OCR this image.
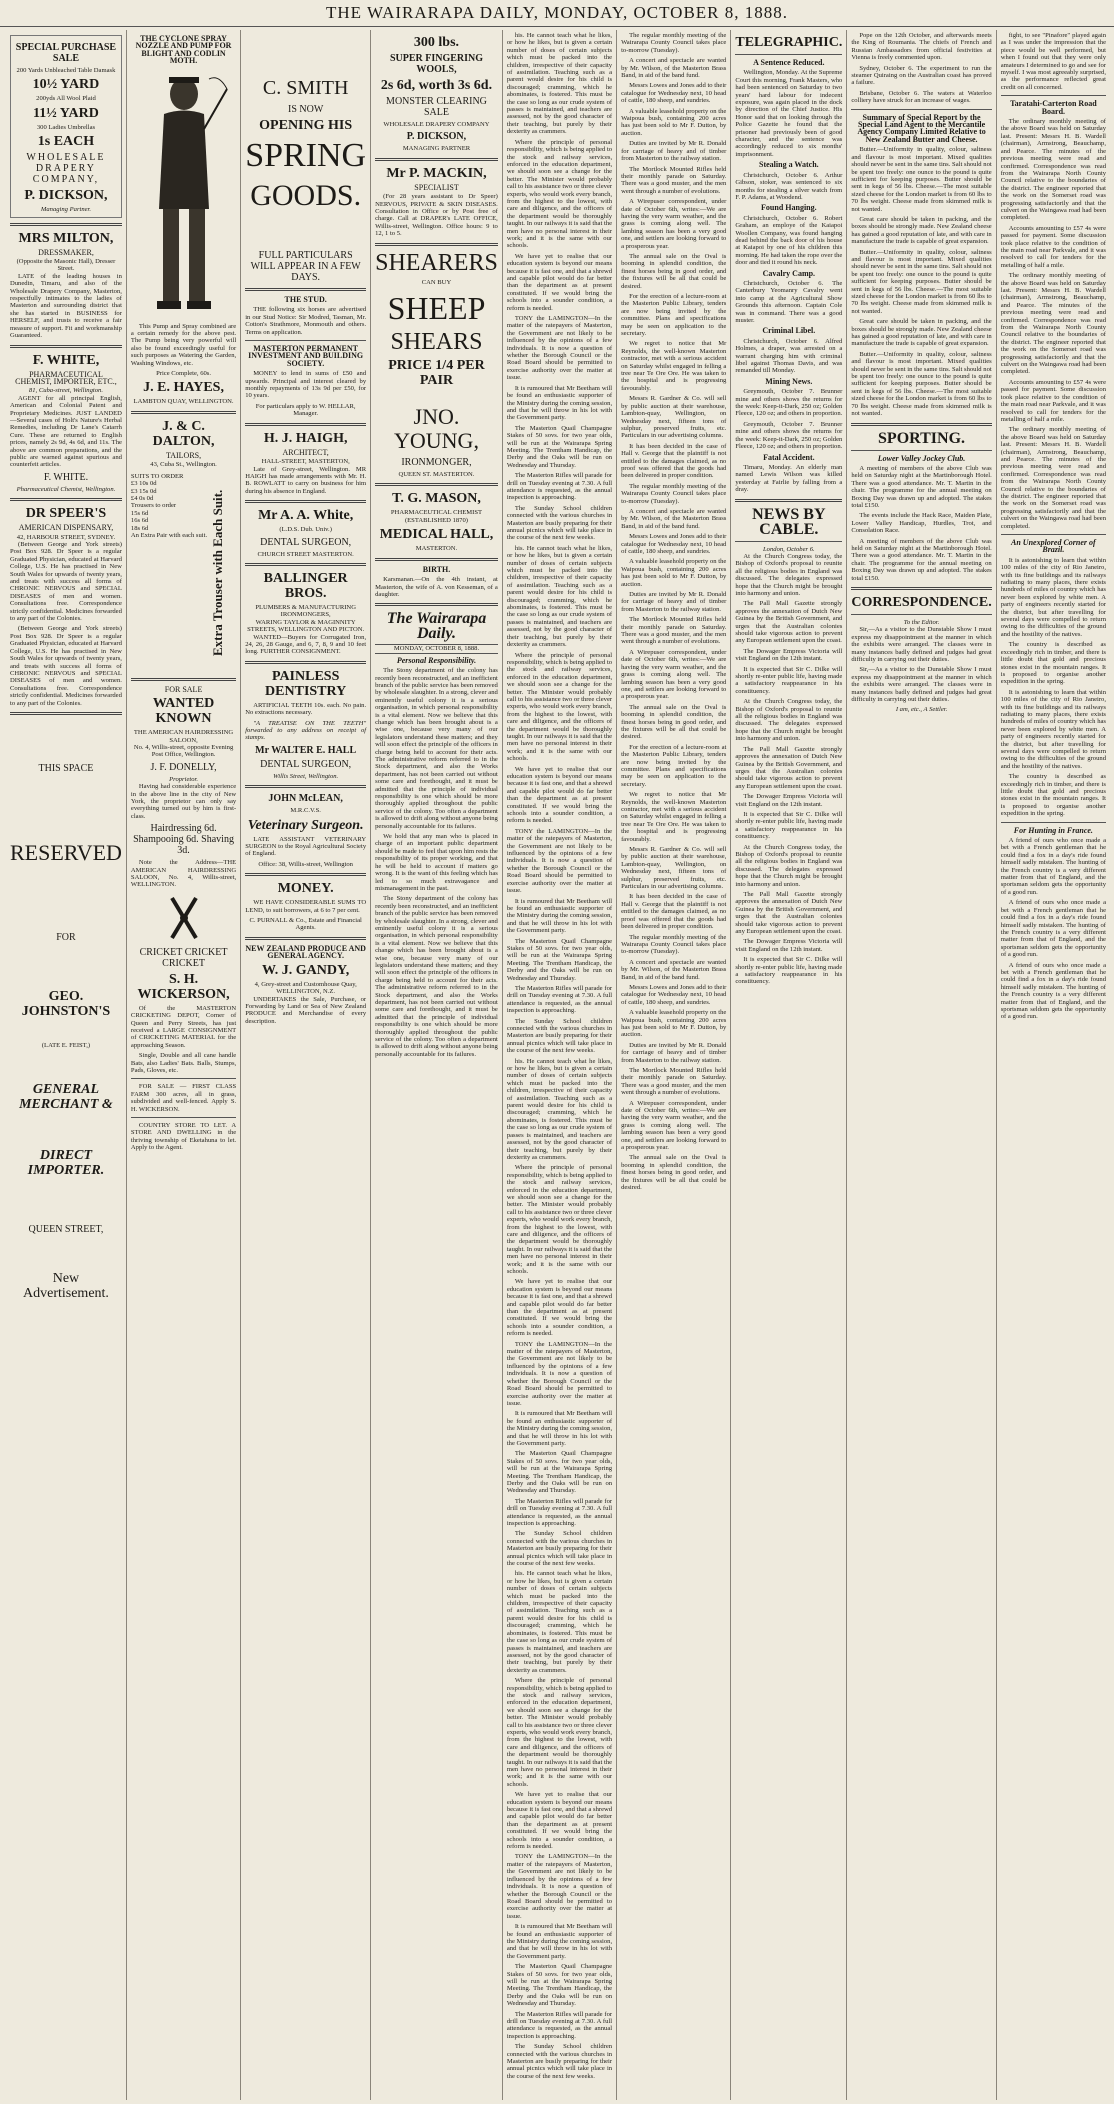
THE WAIRARAPA DAILY, MONDAY, OCTOBER 8, 1888.
SPECIAL PURCHASE SALE
200 Yards Unbleached Table Damask
10½ YARD
200yds All Wool Plaid
11½ YARD
300 Ladies Umbrellas
1s EACH
WHOLESALE DRAPERY COMPANY,
P. DICKSON,
Managing Partner.
MRS MILTON,
DRESSMAKER,
(Opposite the Masonic Hall), Dresser Street.

LATE of the leading houses in Dunedin, Timaru, and also of the Wholesale Drapery Company, Masterton, respectfully intimates to the ladies of Masterton and surrounding district that she has started in BUSINESS for HERSELF, and trusts to receive a fair measure of support. Fit and workmanship Guaranteed.

F. WHITE,
PHARMACEUTICAL CHEMIST, IMPORTER, ETC.,
81, Cuba-street, Wellington.

AGENT for all principal English, American and Colonial Patent and Proprietary Medicines. JUST LANDED—Several cases of Holt's Nature's Herbal Remedies, including Dr Lane's Catarrh Cure. These are returned to English prices, namely 2s 9d, 4s 6d, and 11s. The above are common preparations, and the public are warned against spurious and counterfeit articles.

F. WHITE.
Pharmaceutical Chemist, Wellington.
DR SPEER'S
AMERICAN DISPENSARY,
42, HARBOUR STREET, SYDNEY.

(Between George and York streets) Post Box 928. Dr Speer is a regular Graduated Physician, educated at Harvard College, U.S. He has practised in New South Wales for upwards of twenty years, and treats with success all forms of CHRONIC NERVOUS and SPECIAL DISEASES of men and women. Consultations free. Correspondence strictly confidential. Medicines forwarded to any part of the Colonies.

(Between George and York streets) Post Box 928. Dr Speer is a regular Graduated Physician, educated at Harvard College, U.S. He has practised in New South Wales for upwards of twenty years, and treats with success all forms of CHRONIC NERVOUS and SPECIAL DISEASES of men and women. Consultations free. Correspondence strictly confidential. Medicines forwarded to any part of the Colonies.

THIS SPACE
RESERVED
FOR
GEO. JOHNSTON'S
(LATE E. FEIST,)
GENERAL MERCHANT &
DIRECT IMPORTER.
QUEEN STREET,
New Advertisement.
THE CYCLONE SPRAY NOZZLE AND PUMP FOR BLIGHT AND CODLIN MOTH.

This Pump and Spray combined are a certain remedy for the above pest. The Pump being very powerful will also be found exceedingly useful for such purposes as Watering the Garden, Washing Windows, etc.

Price Complete, 60s.
J. E. HAYES,
LAMBTON QUAY, WELLINGTON.
J. & C. DALTON,
TAILORS,
43, Cuba St., Wellington.
SUITS TO ORDER
£3 10s 0d
£3 15s 0d
£4 0s 0d
Trousers to order
15s 6d
16s 6d
18s 6d
An Extra Pair with each suit. Extra Trouser with Each Suit.
FOR SALE
WANTED KNOWN
THE AMERICAN HAIRDRESSING SALOON,
No. 4, Willis-street, opposite Evening Post Office, Wellington.
J. F. DONELLY,
Proprietor.

Having had considerable experience in the above line in the city of New York, the proprietor can only say everything turned out by him is first-class.

Hairdressing 6d. Shampooing 6d. Shaving 3d.

Note the Address—THE AMERICAN HAIRDRESSING SALOON, No. 4, Willis-street, WELLINGTON.

CRICKET CRICKET CRICKET
S. H. WICKERSON,

Of the MASTERTON CRICKETING DEPOT, Corner of Queen and Perry Streets, has just received a LARGE CONSIGNMENT of CRICKETING MATERIAL for the approaching Season.

Single, Double and all cane handle Bats, also Ladies' Bats. Balls, Stumps, Pads, Gloves, etc.

FOR SALE — FIRST CLASS FARM 300 acres, all in grass, subdivided and well-fenced. Apply S. H. WICKERSON.

COUNTRY STORE TO LET. A STORE AND DWELLING in the thriving township of Eketahuna to let. Apply to the Agent.

C. SMITH
IS NOW
OPENING HIS
SPRING
GOODS.
FULL PARTICULARS WILL APPEAR IN A FEW DAYS.
THE STUD.

THE following six horses are advertised in our Stud Notice: Sir Modred, Tasman, Mr. Cotton's Strathmore, Monmouth and others. Terms on application.

MASTERTON PERMANENT INVESTMENT AND BUILDING SOCIETY.

MONEY to lend in sums of £50 and upwards. Principal and interest cleared by monthly repayments of 13s 9d per £50, for 10 years.

For particulars apply to W. HELLAR, Manager.
H. J. HAIGH,
ARCHITECT,
HALL-STREET, MASTERTON,

Late of Grey-street, Wellington. MR HAIGH has made arrangements with Mr. H. B. ROWLATT to carry on business for him during his absence in England.

Mr A. A. White,
(L.D.S. Dub. Univ.)
DENTAL SURGEON,
CHURCH STREET MASTERTON.
BALLINGER BROS.
PLUMBERS & MANUFACTURING IRONMONGERS,
WARING TAYLOR & MAGINNITY STREETS, WELLINGTON AND PICTON.

WANTED—Buyers for Corrugated Iron, 24, 26, 28 Gauge, and 6, 7, 8, 9 and 10 feet long. FURTHER CONSIGNMENT.

PAINLESS DENTISTRY

ARTIFICIAL TEETH 10s. each. No pain. No extractions necessary.

"A TREATISE ON THE TEETH" forwarded to any address on receipt of stamps.

Mr WALTER E. HALL
DENTAL SURGEON,
Willis Street, Wellington.
JOHN McLEAN,
M.R.C.V.S.
Veterinary Surgeon.

LATE ASSISTANT VETERINARY SURGEON to the Royal Agricultural Society of England.

Office: 38, Willis-street, Wellington
MONEY.

WE HAVE CONSIDERABLE SUMS TO LEND, to suit borrowers, at 6 to 7 per cent.

C. PURNALL & Co., Estate and Financial Agents.
NEW ZEALAND PRODUCE AND GENERAL AGENCY.
W. J. GANDY,
4, Grey-street and Customhouse Quay, WELLINGTON, N.Z.

UNDERTAKES the Sale, Purchase, or Forwarding by Land or Sea of New Zealand PRODUCE and Merchandise of every description.

300 lbs.
SUPER FINGERING WOOLS,
2s 6d, worth 3s 6d.
MONSTER CLEARING SALE
WHOLESALE DRAPERY COMPANY
P. DICKSON,
MANAGING PARTNER
Mr P. MACKIN,
SPECIALIST

(For 28 years assistant to Dr Speer) NERVOUS, PRIVATE & SKIN DISEASES. Consultation in Office or by Post free of charge. Call at DRAPER's LATE OFFICE, Willis-street, Wellington. Office hours: 9 to 12, 1 to 5.

SHEARERS
CAN BUY
SHEEP
SHEARS
PRICE 1/4 PER PAIR
JNO. YOUNG,
IRONMONGER,
QUEEN ST. MASTERTON.
T. G. MASON,
PHARMACEUTICAL CHEMIST
(ESTABLISHED 1870)
MEDICAL HALL,
MASTERTON.
BIRTH.

Karsmanan.—On the 4th instant, at Masterton, the wife of A. von Kesseman, of a daughter.

The Wairarapa Daily.
MONDAY, OCTOBER 8, 1888.
Personal Responsibility.

The Stony department of the colony has recently been reconstructed, and an inefficient branch of the public service has been removed by wholesale slaughter. In a strong, clever and eminently useful colony it is a serious organisation, in which personal responsibility is a vital element. Now we believe that this change which has been brought about is a wise one, because very many of our legislators understand these matters; and they will soon effect the principle of the officers in charge being held to account for their acts. The administrative reform referred to in the Stock department, and also the Works department, has not been carried out without some care and forethought, and it must be admitted that the principle of individual responsibility is one which should be more thoroughly applied throughout the public service of the colony. Too often a department is allowed to drift along without anyone being personally accountable for its failures.

We hold that any man who is placed in charge of an important public department should be made to feel that upon him rests the responsibility of its proper working, and that he will be held to account if matters go wrong. It is the want of this feeling which has led to so much extravagance and mismanagement in the past.

The Stony department of the colony has recently been reconstructed, and an inefficient branch of the public service has been removed by wholesale slaughter. In a strong, clever and eminently useful colony it is a serious organisation, in which personal responsibility is a vital element. Now we believe that this change which has been brought about is a wise one, because very many of our legislators understand these matters; and they will soon effect the principle of the officers in charge being held to account for their acts. The administrative reform referred to in the Stock department, and also the Works department, has not been carried out without some care and forethought, and it must be admitted that the principle of individual responsibility is one which should be more thoroughly applied throughout the public service of the colony. Too often a department is allowed to drift along without anyone being personally accountable for its failures.

his. He cannot teach what he likes, or how he likes, but is given a certain number of doses of certain subjects which must be packed into the children, irrespective of their capacity of assimilation. Teaching such as a parent would desire for his child is discouraged; cramming, which he abominates, is fostered. This must be the case so long as our crude system of passes is maintained, and teachers are assessed, not by the good character of their teaching, but purely by their dexterity as crammers.

Where the principle of personal responsibility, which is being applied to the stock and railway services, enforced in the education department, we should soon see a change for the better. The Minister would probably call to his assistance two or three clever experts, who would work every branch, from the highest to the lowest, with care and diligence, and the officers of the department would be thoroughly taught. In our railways it is said that the men have no personal interest in their work; and it is the same with our schools.

We have yet to realise that our education system is beyond our means because it is fast one, and that a shrewd and capable pilot would do far better than the department as at present constituted. If we would bring the schools into a sounder condition, a reform is needed.

TONY the LAMINGTON—In the matter of the ratepayers of Masterton, the Government are not likely to be influenced by the opinions of a few individuals. It is now a question of whether the Borough Council or the Road Board should be permitted to exercise authority over the matter at issue.

It is rumoured that Mr Beetham will be found an enthusiastic supporter of the Ministry during the coming session, and that he will throw in his lot with the Government party.

The Masterton Quail Champagne Stakes of 50 sovs. for two year olds, will be run at the Wairarapa Spring Meeting. The Trentham Handicap, the Derby and the Oaks will be run on Wednesday and Thursday.

The Masterton Rifles will parade for drill on Tuesday evening at 7.30. A full attendance is requested, as the annual inspection is approaching.

The Sunday School children connected with the various churches in Masterton are busily preparing for their annual picnics which will take place in the course of the next few weeks.

his. He cannot teach what he likes, or how he likes, but is given a certain number of doses of certain subjects which must be packed into the children, irrespective of their capacity of assimilation. Teaching such as a parent would desire for his child is discouraged; cramming, which he abominates, is fostered. This must be the case so long as our crude system of passes is maintained, and teachers are assessed, not by the good character of their teaching, but purely by their dexterity as crammers.

Where the principle of personal responsibility, which is being applied to the stock and railway services, enforced in the education department, we should soon see a change for the better. The Minister would probably call to his assistance two or three clever experts, who would work every branch, from the highest to the lowest, with care and diligence, and the officers of the department would be thoroughly taught. In our railways it is said that the men have no personal interest in their work; and it is the same with our schools.

We have yet to realise that our education system is beyond our means because it is fast one, and that a shrewd and capable pilot would do far better than the department as at present constituted. If we would bring the schools into a sounder condition, a reform is needed.

TONY the LAMINGTON—In the matter of the ratepayers of Masterton, the Government are not likely to be influenced by the opinions of a few individuals. It is now a question of whether the Borough Council or the Road Board should be permitted to exercise authority over the matter at issue.

It is rumoured that Mr Beetham will be found an enthusiastic supporter of the Ministry during the coming session, and that he will throw in his lot with the Government party.

The Masterton Quail Champagne Stakes of 50 sovs. for two year olds, will be run at the Wairarapa Spring Meeting. The Trentham Handicap, the Derby and the Oaks will be run on Wednesday and Thursday.

The Masterton Rifles will parade for drill on Tuesday evening at 7.30. A full attendance is requested, as the annual inspection is approaching.

The Sunday School children connected with the various churches in Masterton are busily preparing for their annual picnics which will take place in the course of the next few weeks.

his. He cannot teach what he likes, or how he likes, but is given a certain number of doses of certain subjects which must be packed into the children, irrespective of their capacity of assimilation. Teaching such as a parent would desire for his child is discouraged; cramming, which he abominates, is fostered. This must be the case so long as our crude system of passes is maintained, and teachers are assessed, not by the good character of their teaching, but purely by their dexterity as crammers.

Where the principle of personal responsibility, which is being applied to the stock and railway services, enforced in the education department, we should soon see a change for the better. The Minister would probably call to his assistance two or three clever experts, who would work every branch, from the highest to the lowest, with care and diligence, and the officers of the department would be thoroughly taught. In our railways it is said that the men have no personal interest in their work; and it is the same with our schools.

We have yet to realise that our education system is beyond our means because it is fast one, and that a shrewd and capable pilot would do far better than the department as at present constituted. If we would bring the schools into a sounder condition, a reform is needed.

TONY the LAMINGTON—In the matter of the ratepayers of Masterton, the Government are not likely to be influenced by the opinions of a few individuals. It is now a question of whether the Borough Council or the Road Board should be permitted to exercise authority over the matter at issue.

It is rumoured that Mr Beetham will be found an enthusiastic supporter of the Ministry during the coming session, and that he will throw in his lot with the Government party.

The Masterton Quail Champagne Stakes of 50 sovs. for two year olds, will be run at the Wairarapa Spring Meeting. The Trentham Handicap, the Derby and the Oaks will be run on Wednesday and Thursday.

The Masterton Rifles will parade for drill on Tuesday evening at 7.30. A full attendance is requested, as the annual inspection is approaching.

The Sunday School children connected with the various churches in Masterton are busily preparing for their annual picnics which will take place in the course of the next few weeks.

his. He cannot teach what he likes, or how he likes, but is given a certain number of doses of certain subjects which must be packed into the children, irrespective of their capacity of assimilation. Teaching such as a parent would desire for his child is discouraged; cramming, which he abominates, is fostered. This must be the case so long as our crude system of passes is maintained, and teachers are assessed, not by the good character of their teaching, but purely by their dexterity as crammers.

Where the principle of personal responsibility, which is being applied to the stock and railway services, enforced in the education department, we should soon see a change for the better. The Minister would probably call to his assistance two or three clever experts, who would work every branch, from the highest to the lowest, with care and diligence, and the officers of the department would be thoroughly taught. In our railways it is said that the men have no personal interest in their work; and it is the same with our schools.

We have yet to realise that our education system is beyond our means because it is fast one, and that a shrewd and capable pilot would do far better than the department as at present constituted. If we would bring the schools into a sounder condition, a reform is needed.

TONY the LAMINGTON—In the matter of the ratepayers of Masterton, the Government are not likely to be influenced by the opinions of a few individuals. It is now a question of whether the Borough Council or the Road Board should be permitted to exercise authority over the matter at issue.

It is rumoured that Mr Beetham will be found an enthusiastic supporter of the Ministry during the coming session, and that he will throw in his lot with the Government party.

The Masterton Quail Champagne Stakes of 50 sovs. for two year olds, will be run at the Wairarapa Spring Meeting. The Trentham Handicap, the Derby and the Oaks will be run on Wednesday and Thursday.

The Masterton Rifles will parade for drill on Tuesday evening at 7.30. A full attendance is requested, as the annual inspection is approaching.

The Sunday School children connected with the various churches in Masterton are busily preparing for their annual picnics which will take place in the course of the next few weeks.

The regular monthly meeting of the Wairarapa County Council takes place to-morrow (Tuesday).

A concert and spectacle are wanted by Mr. Wilson, of the Masterton Brass Band, in aid of the band fund.

Messrs Lowes and Jones add to their catalogue for Wednesday next, 10 head of cattle, 180 sheep, and sundries.

A valuable leasehold property on the Waipoua bush, containing 200 acres has just been sold to Mr F. Dutton, by auction.

Duties are invited by Mr R. Donald for carriage of heavy and of timber from Masterton to the railway station.

The Mortlock Mounted Rifles held their monthly parade on Saturday. There was a good muster, and the men went through a number of evolutions.

A Wirepuser correspondent, under date of October 6th, writes:—We are having the very warm weather, and the grass is coming along well. The lambing season has been a very good one, and settlers are looking forward to a prosperous year.

The annual sale on the Oval is booming in splendid condition, the finest horses being in good order, and the fixtures will be all that could be desired.

For the erection of a lecture-room at the Masterton Public Library, tenders are now being invited by the committee. Plans and specifications may be seen on application to the secretary.

We regret to notice that Mr Reynolds, the well-known Masterton contractor, met with a serious accident on Saturday whilst engaged in felling a tree near Te Ore Ore. He was taken to the hospital and is progressing favourably.

Messrs R. Gardner & Co. will sell by public auction at their warehouse, Lambton-quay, Wellington, on Wednesday next, fifteen tons of sulphur, preserved fruits, etc. Particulars in our advertising columns.

It has been decided in the case of Hall v. George that the plaintiff is not entitled to the damages claimed, as no proof was offered that the goods had been delivered in proper condition.

The regular monthly meeting of the Wairarapa County Council takes place to-morrow (Tuesday).

A concert and spectacle are wanted by Mr. Wilson, of the Masterton Brass Band, in aid of the band fund.

Messrs Lowes and Jones add to their catalogue for Wednesday next, 10 head of cattle, 180 sheep, and sundries.

A valuable leasehold property on the Waipoua bush, containing 200 acres has just been sold to Mr F. Dutton, by auction.

Duties are invited by Mr R. Donald for carriage of heavy and of timber from Masterton to the railway station.

The Mortlock Mounted Rifles held their monthly parade on Saturday. There was a good muster, and the men went through a number of evolutions.

A Wirepuser correspondent, under date of October 6th, writes:—We are having the very warm weather, and the grass is coming along well. The lambing season has been a very good one, and settlers are looking forward to a prosperous year.

The annual sale on the Oval is booming in splendid condition, the finest horses being in good order, and the fixtures will be all that could be desired.

For the erection of a lecture-room at the Masterton Public Library, tenders are now being invited by the committee. Plans and specifications may be seen on application to the secretary.

We regret to notice that Mr Reynolds, the well-known Masterton contractor, met with a serious accident on Saturday whilst engaged in felling a tree near Te Ore Ore. He was taken to the hospital and is progressing favourably.

Messrs R. Gardner & Co. will sell by public auction at their warehouse, Lambton-quay, Wellington, on Wednesday next, fifteen tons of sulphur, preserved fruits, etc. Particulars in our advertising columns.

It has been decided in the case of Hall v. George that the plaintiff is not entitled to the damages claimed, as no proof was offered that the goods had been delivered in proper condition.

The regular monthly meeting of the Wairarapa County Council takes place to-morrow (Tuesday).

A concert and spectacle are wanted by Mr. Wilson, of the Masterton Brass Band, in aid of the band fund.

Messrs Lowes and Jones add to their catalogue for Wednesday next, 10 head of cattle, 180 sheep, and sundries.

A valuable leasehold property on the Waipoua bush, containing 200 acres has just been sold to Mr F. Dutton, by auction.

Duties are invited by Mr R. Donald for carriage of heavy and of timber from Masterton to the railway station.

The Mortlock Mounted Rifles held their monthly parade on Saturday. There was a good muster, and the men went through a number of evolutions.

A Wirepuser correspondent, under date of October 6th, writes:—We are having the very warm weather, and the grass is coming along well. The lambing season has been a very good one, and settlers are looking forward to a prosperous year.

The annual sale on the Oval is booming in splendid condition, the finest horses being in good order, and the fixtures will be all that could be desired.

TELEGRAPHIC.
A Sentence Reduced.

Wellington, Monday. At the Supreme Court this morning, Frank Masters, who had been sentenced on Saturday to two years' hard labour for indecent exposure, was again placed in the dock by direction of the Chief Justice. His Honor said that on looking through the Police Gazette he found that the prisoner had previously been of good character, and the sentence was accordingly reduced to six months' imprisonment.

Stealing a Watch.

Christchurch, October 6. Arthur Gibson, stoker, was sentenced to six months for stealing a silver watch from F. P. Adams, at Woodend.

Found Hanging.

Christchurch, October 6. Robert Graham, an employe of the Kaiapoi Woollen Company, was found hanging dead behind the back door of his house at Kaiapoi by one of his children this morning. He had taken the rope over the door and tied it round his neck.

Cavalry Camp.

Christchurch, October 6. The Canterbury Yeomanry Cavalry went into camp at the Agricultural Show Grounds this afternoon. Captain Cole was in command. There was a good muster.

Criminal Libel.

Christchurch, October 6. Alfred Holmes, a draper, was arrested on a warrant charging him with criminal libel against Thomas Davis, and was remanded till Monday.

Mining News.

Greymouth, October 7. Brunner mine and others shows the returns for the week: Keep-it-Dark, 250 oz; Golden Fleece, 120 oz; and others in proportion.

Greymouth, October 7. Brunner mine and others shows the returns for the week: Keep-it-Dark, 250 oz; Golden Fleece, 120 oz; and others in proportion.

Fatal Accident.

Timaru, Monday. An elderly man named Lewis Wilson was killed yesterday at Fairlie by falling from a dray.

NEWS BY CABLE.
London, October 6.

At the Church Congress today, the Bishop of Oxford's proposal to reunite all the religious bodies in England was discussed. The delegates expressed hope that the Church might be brought into harmony and union.

The Pall Mall Gazette strongly approves the annexation of Dutch New Guinea by the British Government, and urges that the Australian colonies should take vigorous action to prevent any European settlement upon the coast.

The Dowager Empress Victoria will visit England on the 12th instant.

It is expected that Sir C. Dilke will shortly re-enter public life, having made a satisfactory reappearance in his constituency.

At the Church Congress today, the Bishop of Oxford's proposal to reunite all the religious bodies in England was discussed. The delegates expressed hope that the Church might be brought into harmony and union.

The Pall Mall Gazette strongly approves the annexation of Dutch New Guinea by the British Government, and urges that the Australian colonies should take vigorous action to prevent any European settlement upon the coast.

The Dowager Empress Victoria will visit England on the 12th instant.

It is expected that Sir C. Dilke will shortly re-enter public life, having made a satisfactory reappearance in his constituency.

At the Church Congress today, the Bishop of Oxford's proposal to reunite all the religious bodies in England was discussed. The delegates expressed hope that the Church might be brought into harmony and union.

The Pall Mall Gazette strongly approves the annexation of Dutch New Guinea by the British Government, and urges that the Australian colonies should take vigorous action to prevent any European settlement upon the coast.

The Dowager Empress Victoria will visit England on the 12th instant.

It is expected that Sir C. Dilke will shortly re-enter public life, having made a satisfactory reappearance in his constituency.

Pope on the 12th October, and afterwards meets the King of Roumania. The chiefs of French and Russian Ambassadors from official festivities at Vienna is freely commented upon.

Sydney, October 6. The experiment to run the steamer Quiraing on the Australian coast has proved a failure.

Brisbane, October 6. The waters at Waterloo colliery have struck for an increase of wages.

Summary of Special Report by the Special Land Agent to the Mercantile Agency Company Limited Relative to New Zealand Butter and Cheese.

Butter.—Uniformity in quality, colour, saltness and flavour is most important. Mixed qualities should never be sent in the same tins. Salt should not be spent too freely: one ounce to the pound is quite sufficient for keeping purposes. Butter should be sent in kegs of 56 lbs. Cheese.—The most suitable sized cheese for the London market is from 60 lbs to 70 lbs weight. Cheese made from skimmed milk is not wanted.

Great care should be taken in packing, and the boxes should be strongly made. New Zealand cheese has gained a good reputation of late, and with care in manufacture the trade is capable of great expansion.

Butter.—Uniformity in quality, colour, saltness and flavour is most important. Mixed qualities should never be sent in the same tins. Salt should not be spent too freely: one ounce to the pound is quite sufficient for keeping purposes. Butter should be sent in kegs of 56 lbs. Cheese.—The most suitable sized cheese for the London market is from 60 lbs to 70 lbs weight. Cheese made from skimmed milk is not wanted.

Great care should be taken in packing, and the boxes should be strongly made. New Zealand cheese has gained a good reputation of late, and with care in manufacture the trade is capable of great expansion.

Butter.—Uniformity in quality, colour, saltness and flavour is most important. Mixed qualities should never be sent in the same tins. Salt should not be spent too freely: one ounce to the pound is quite sufficient for keeping purposes. Butter should be sent in kegs of 56 lbs. Cheese.—The most suitable sized cheese for the London market is from 60 lbs to 70 lbs weight. Cheese made from skimmed milk is not wanted.

SPORTING.
Lower Valley Jockey Club.

A meeting of members of the above Club was held on Saturday night at the Martinborough Hotel. There was a good attendance. Mr. T. Martin in the chair. The programme for the annual meeting on Boxing Day was drawn up and adopted. The stakes total £150.

The events include the Hack Race, Maiden Plate, Lower Valley Handicap, Hurdles, Trot, and Consolation Race.

A meeting of members of the above Club was held on Saturday night at the Martinborough Hotel. There was a good attendance. Mr. T. Martin in the chair. The programme for the annual meeting on Boxing Day was drawn up and adopted. The stakes total £150.

CORRESPONDENCE.
To the Editor.

Sir,—As a visitor to the Dunstable Show I must express my disappointment at the manner in which the exhibits were arranged. The classes were in many instances badly defined and judges had great difficulty in carrying out their duties.

Sir,—As a visitor to the Dunstable Show I must express my disappointment at the manner in which the exhibits were arranged. The classes were in many instances badly defined and judges had great difficulty in carrying out their duties.

I am, etc., A Settler.

fight, to see "Pinafore" played again as I was under the impression that the piece would be well performed, but when I found out that they were only amateurs I determined to go and see for myself. I was most agreeably surprised, as the performance reflected great credit on all concerned.

Taratahi-Carterton Road Board.

The ordinary monthly meeting of the above Board was held on Saturday last. Present: Messrs H. B. Wardell (chairman), Armstrong, Beauchamp, and Pearce. The minutes of the previous meeting were read and confirmed. Correspondence was read from the Wairarapa North County Council relative to the boundaries of the district. The engineer reported that the work on the Somerset road was progressing satisfactorily and that the culvert on the Waingawa road had been completed.

Accounts amounting to £57 4s were passed for payment. Some discussion took place relative to the condition of the main road near Parkvale, and it was resolved to call for tenders for the metalling of half a mile.

The ordinary monthly meeting of the above Board was held on Saturday last. Present: Messrs H. B. Wardell (chairman), Armstrong, Beauchamp, and Pearce. The minutes of the previous meeting were read and confirmed. Correspondence was read from the Wairarapa North County Council relative to the boundaries of the district. The engineer reported that the work on the Somerset road was progressing satisfactorily and that the culvert on the Waingawa road had been completed.

Accounts amounting to £57 4s were passed for payment. Some discussion took place relative to the condition of the main road near Parkvale, and it was resolved to call for tenders for the metalling of half a mile.

The ordinary monthly meeting of the above Board was held on Saturday last. Present: Messrs H. B. Wardell (chairman), Armstrong, Beauchamp, and Pearce. The minutes of the previous meeting were read and confirmed. Correspondence was read from the Wairarapa North County Council relative to the boundaries of the district. The engineer reported that the work on the Somerset road was progressing satisfactorily and that the culvert on the Waingawa road had been completed.

An Unexplored Corner of Brazil.

It is astonishing to learn that within 100 miles of the city of Rio Janeiro, with its fine buildings and its railways radiating to many places, there exists hundreds of miles of country which has never been explored by white men. A party of engineers recently started for the district, but after travelling for several days were compelled to return owing to the difficulties of the ground and the hostility of the natives.

The country is described as exceedingly rich in timber, and there is little doubt that gold and precious stones exist in the mountain ranges. It is proposed to organise another expedition in the spring.

It is astonishing to learn that within 100 miles of the city of Rio Janeiro, with its fine buildings and its railways radiating to many places, there exists hundreds of miles of country which has never been explored by white men. A party of engineers recently started for the district, but after travelling for several days were compelled to return owing to the difficulties of the ground and the hostility of the natives.

The country is described as exceedingly rich in timber, and there is little doubt that gold and precious stones exist in the mountain ranges. It is proposed to organise another expedition in the spring.

For Hunting in France.

A friend of ours who once made a bet with a French gentleman that he could find a fox in a day's ride found himself sadly mistaken. The hunting of the French country is a very different matter from that of England, and the sportsman seldom gets the opportunity of a good run.

A friend of ours who once made a bet with a French gentleman that he could find a fox in a day's ride found himself sadly mistaken. The hunting of the French country is a very different matter from that of England, and the sportsman seldom gets the opportunity of a good run.

A friend of ours who once made a bet with a French gentleman that he could find a fox in a day's ride found himself sadly mistaken. The hunting of the French country is a very different matter from that of England, and the sportsman seldom gets the opportunity of a good run.
